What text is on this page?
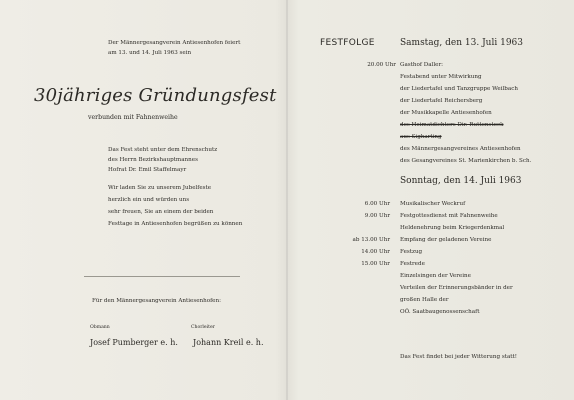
Der Männergesangverein Antiesenhofen feiert
am 13. und 14. Juli 1963 sein
30jähriges Gründungsfest
verbunden mit Fahnenweihe
Das Fest steht unter dem Ehrenschutz
des Herrn Bezirkshauptmannes
Hofrat Dr. Emil Staffelmayr
Wir laden Sie zu unserem Jubelfeste
herzlich ein und würden uns
sehr freuen, Sie an einem der beiden
Festtage in Antiesenhofen begrüßen zu können
Für den Männergesangverein Antiesenhofen:
Obmann	Chorleiter
Josef Pumberger e. h. Johann Kreil e. h.
FESTFOLGE	Samstag, den 13. Juli 1963
20.00 Uhr Gasthof Daller:
Festabend unter Mitwirkung
der Liedertafel und Tanzgruppe Weilbach
der Liedertafel Reichersberg
der Musikkapelle Antiesenhofen
des Heimatdichters Dir. Ruttenstock
aus Sigharting
des Männergesangvereines Antiesenhofen
des Gesangvereines St. Marienkirchen b. Sch.
Sonntag, den 14. Juli 1963
6.00 Uhr Musikalischer Weckruf
9.00 Uhr Festgottesdienst mit Fahnenweihe
Heldenehrung beim Kriegerdenkmal
ab 13.00 Uhr Empfang der geladenen Vereine
14.00 Uhr Festzug
15.00 Uhr Festrede
Einzelsingen der Vereine
Verteilen der Erinnerungsbänder in der
großen Halle der
OÖ. Saatbaugenossenschaft
Das Fest findet bei jeder Witterung statt!
